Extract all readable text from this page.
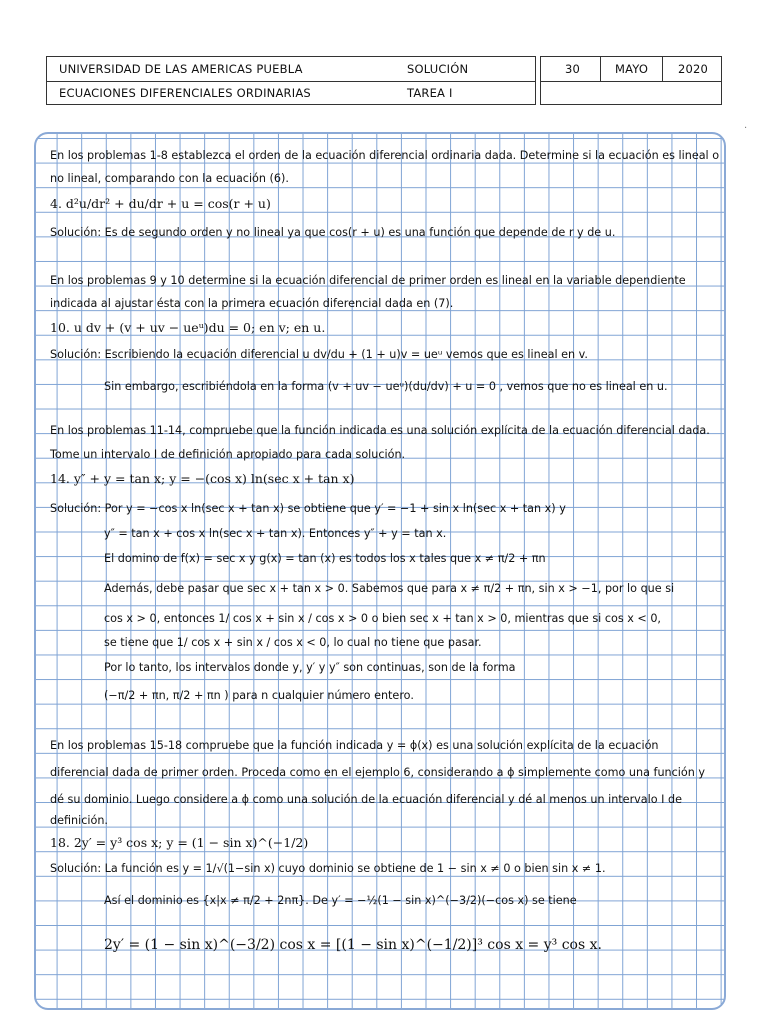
UNIVERSIDAD DE LAS AMERICAS PUEBLA	SOLUCIÓN
ECUACIONES DIFERENCIALES ORDINARIAS	TAREA I
30	MAYO	2020
.
En los problemas 1-8 establezca el orden de la ecuación diferencial ordinaria dada. Determine si la ecuación es lineal o
no lineal, comparando con la ecuación (6).
4. d²u/dr² + du/dr + u = cos(r + u)
Solución: Es de segundo orden y no lineal ya que cos(r + u) es una función que depende de r y de u.
En los problemas 9 y 10 determine si la ecuación diferencial de primer orden es lineal en la variable dependiente
indicada al ajustar ésta con la primera ecuación diferencial dada en (7).
10. u dv + (v + uv − ueᵘ)du = 0; en v; en u.
Solución: Escribiendo la ecuación diferencial u dv/du + (1 + u)v = ueᵘ vemos que es lineal en v.
Sin embargo, escribiéndola en la forma (v + uv − ueᵘ)(du/dv) + u = 0 , vemos que no es lineal en u.
En los problemas 11-14, compruebe que la función indicada es una solución explícita de la ecuación diferencial dada.
Tome un intervalo I de definición apropiado para cada solución.
14. y″ + y = tan x; y = −(cos x) ln(sec x + tan x)
Solución: Por y = −cos x ln(sec x + tan x) se obtiene que y′ = −1 + sin x ln(sec x + tan x) y
y″ = tan x + cos x ln(sec x + tan x). Entonces y″ + y = tan x.
El domino de f(x) = sec x y g(x) = tan (x) es todos los x tales que x ≠ π/2 + πn
Además, debe pasar que sec x + tan x > 0. Sabemos que para x ≠ π/2 + πn, sin x > −1, por lo que si
cos x > 0, entonces 1/ cos x + sin x / cos x > 0 o bien sec x + tan x > 0, mientras que si cos x < 0,
se tiene que 1/ cos x + sin x / cos x < 0, lo cual no tiene que pasar.
Por lo tanto, los intervalos donde y, y′ y y″ son continuas, son de la forma
(−π/2 + πn, π/2 + πn ) para n cualquier número entero.
En los problemas 15-18 compruebe que la función indicada y = ϕ(x) es una solución explícita de la ecuación
diferencial dada de primer orden. Proceda como en el ejemplo 6, considerando a ϕ simplemente como una función y
dé su dominio. Luego considere a ϕ como una solución de la ecuación diferencial y dé al menos un intervalo I de
definición.
18. 2y′ = y³ cos x; y = (1 − sin x)^(−1/2)
Solución: La función es y = 1/√(1−sin x) cuyo dominio se obtiene de 1 − sin x ≠ 0 o bien sin x ≠ 1.
Así el dominio es {x|x ≠ π/2 + 2nπ}. De y′ = −½(1 − sin x)^(−3/2)(−cos x) se tiene
2y′ = (1 − sin x)^(−3/2) cos x = [(1 − sin x)^(−1/2)]³ cos x = y³ cos x.
